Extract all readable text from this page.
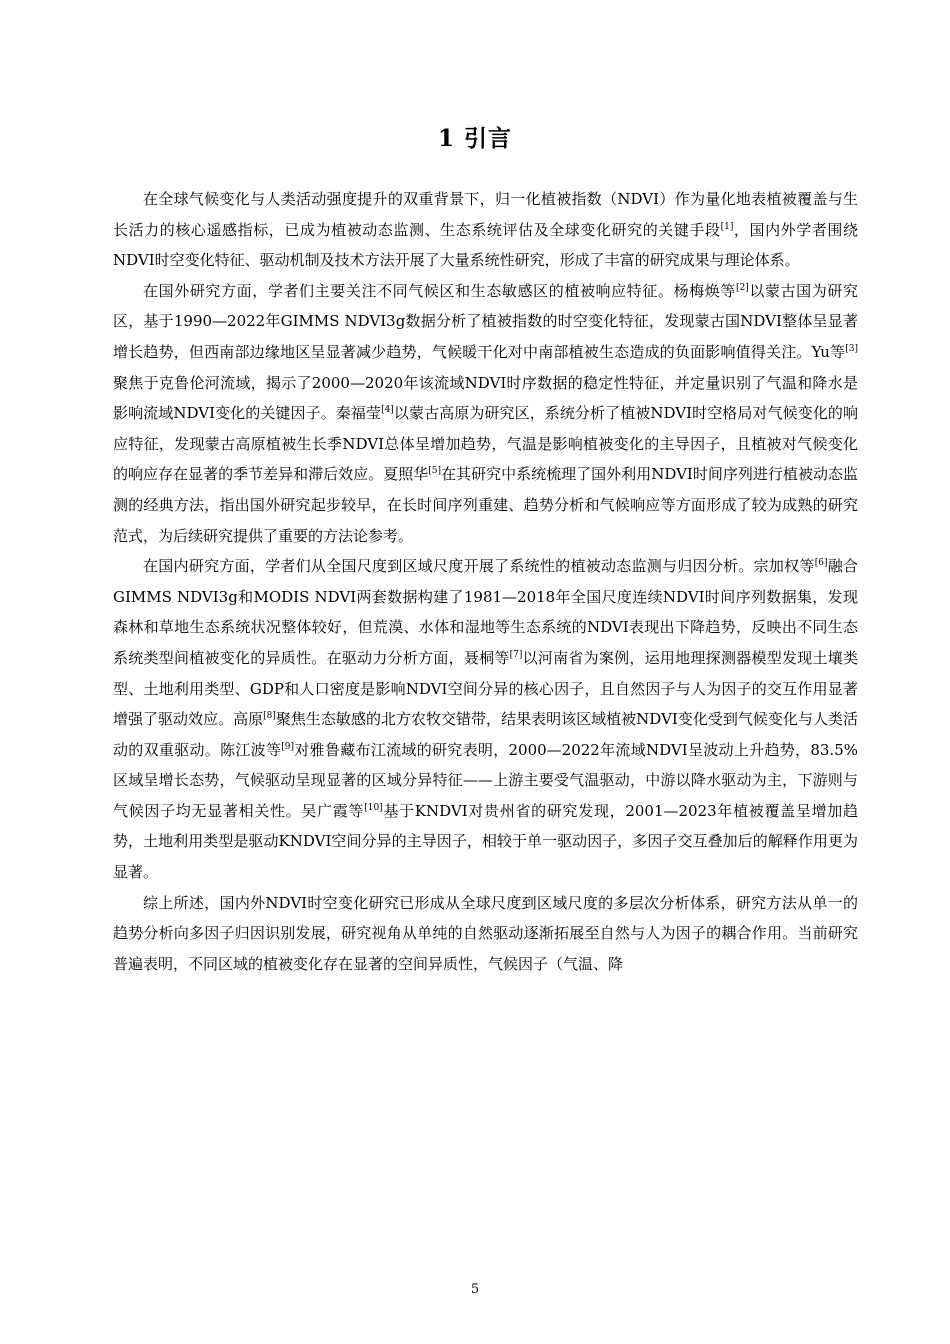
1 引言

在全球气候变化与人类活动强度提升的双重背景下，归一化植被指数（NDVI）作为量化地表植被覆盖与生长活力的核心遥感指标，已成为植被动态监测、生态系统评估及全球变化研究的关键手段[1]，国内外学者围绕NDVI时空变化特征、驱动机制及技术方法开展了大量系统性研究，形成了丰富的研究成果与理论体系。

在国外研究方面，学者们主要关注不同气候区和生态敏感区的植被响应特征。杨梅焕等[2]以蒙古国为研究区，基于1990—2022年GIMMS NDVI3g数据分析了植被指数的时空变化特征，发现蒙古国NDVI整体呈显著增长趋势，但西南部边缘地区呈显著减少趋势，气候暖干化对中南部植被生态造成的负面影响值得关注。Yu等[3]聚焦于克鲁伦河流域，揭示了2000—2020年该流域NDVI时序数据的稳定性特征，并定量识别了气温和降水是影响流域NDVI变化的关键因子。秦福莹[4]以蒙古高原为研究区，系统分析了植被NDVI时空格局对气候变化的响应特征，发现蒙古高原植被生长季NDVI总体呈增加趋势，气温是影响植被变化的主导因子，且植被对气候变化的响应存在显著的季节差异和滞后效应。夏照华[5]在其研究中系统梳理了国外利用NDVI时间序列进行植被动态监测的经典方法，指出国外研究起步较早，在长时间序列重建、趋势分析和气候响应等方面形成了较为成熟的研究范式，为后续研究提供了重要的方法论参考。

在国内研究方面，学者们从全国尺度到区域尺度开展了系统性的植被动态监测与归因分析。宗加权等[6]融合GIMMS NDVI3g和MODIS NDVI两套数据构建了1981—2018年全国尺度连续NDVI时间序列数据集，发现森林和草地生态系统状况整体较好，但荒漠、水体和湿地等生态系统的NDVI表现出下降趋势，反映出不同生态系统类型间植被变化的异质性。在驱动力分析方面，聂桐等[7]以河南省为案例，运用地理探测器模型发现土壤类型、土地利用类型、GDP和人口密度是影响NDVI空间分异的核心因子，且自然因子与人为因子的交互作用显著增强了驱动效应。高原[8]聚焦生态敏感的北方农牧交错带，结果表明该区域植被NDVI变化受到气候变化与人类活动的双重驱动。陈江波等[9]对雅鲁藏布江流域的研究表明，2000—2022年流域NDVI呈波动上升趋势，83.5%区域呈增长态势，气候驱动呈现显著的区域分异特征——上游主要受气温驱动，中游以降水驱动为主，下游则与气候因子均无显著相关性。吴广霞等[10]基于KNDVI对贵州省的研究发现，2001—2023年植被覆盖呈增加趋势，土地利用类型是驱动KNDVI空间分异的主导因子，相较于单一驱动因子，多因子交互叠加后的解释作用更为显著。

综上所述，国内外NDVI时空变化研究已形成从全球尺度到区域尺度的多层次分析体系，研究方法从单一的趋势分析向多因子归因识别发展，研究视角从单纯的自然驱动逐渐拓展至自然与人为因子的耦合作用。当前研究普遍表明，不同区域的植被变化存在显著的空间异质性，气候因子（气温、降

5
